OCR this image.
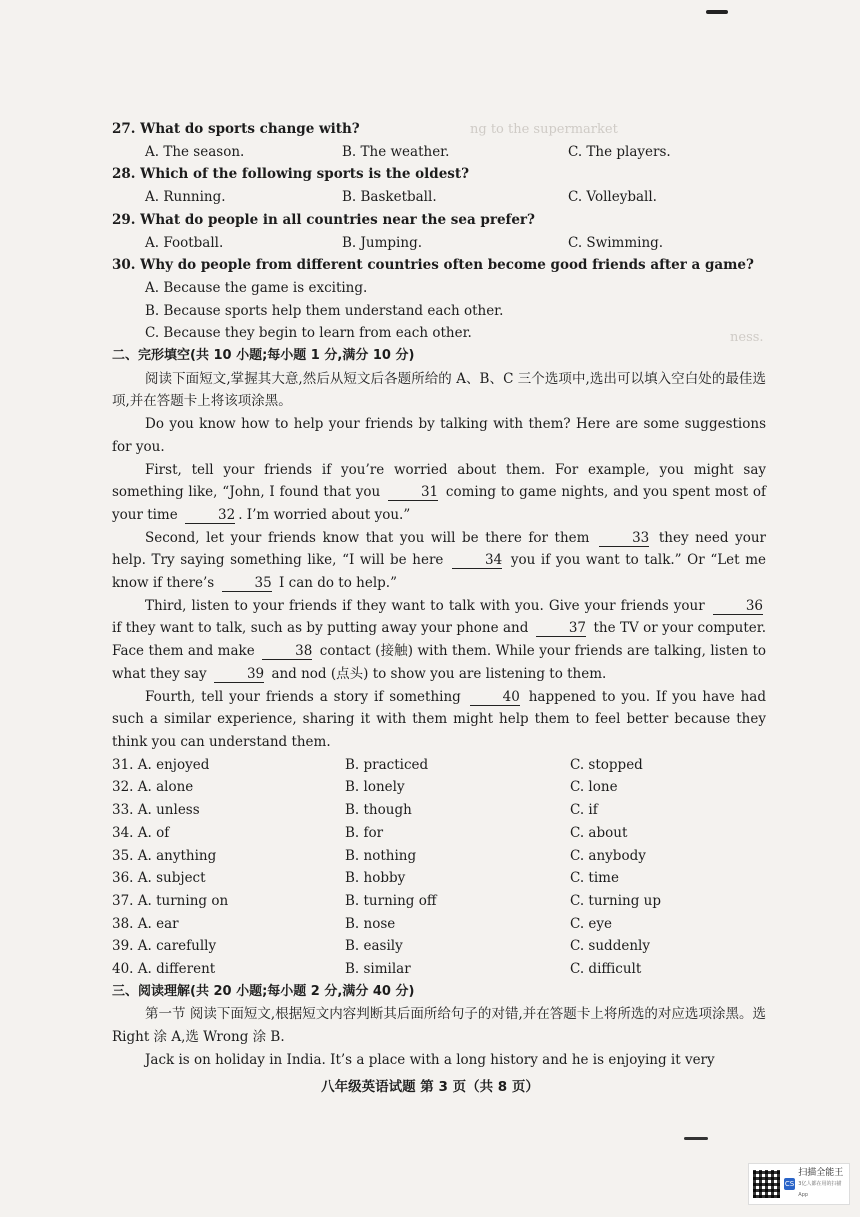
ng to the supermarket
ness.
27. What do sports change with?
A. The season.	B. The weather.	C. The players.
28. Which of the following sports is the oldest?
A. Running.	B. Basketball.	C. Volleyball.
29. What do people in all countries near the sea prefer?
A. Football.	B. Jumping.	C. Swimming.
30. Why do people from different countries often become good friends after a game?
A. Because the game is exciting.
B. Because sports help them understand each other.
C. Because they begin to learn from each other.
二、完形填空(共 10 小题;每小题 1 分,满分 10 分)
阅读下面短文,掌握其大意,然后从短文后各题所给的 A、B、C 三个选项中,选出可以填入空白处的最佳选项,并在答题卡上将该项涂黑。
Do you know how to help your friends by talking with them? Here are some suggestions for you.
First, tell your friends if you’re worried about them. For example, you might say something like, “John, I found that you	31 coming to game nights, and you spent most of your time	32 . I’m worried about you.”
Second, let your friends know that you will be there for them	33 they need your help. Try saying something like, “I will be here	34 you if you want to talk.” Or “Let me know if there’s	35 I can do to help.”
Third, listen to your friends if they want to talk with you. Give your friends your	36 if they want to talk, such as by putting away your phone and	37 the TV or your computer. Face them and make	38 contact (接触) with them. While your friends are talking, listen to what they say	39 and nod (点头) to show you are listening to them.
Fourth, tell your friends a story if something	40 happened to you. If you have had such a similar experience, sharing it with them might help them to feel better because they think you can understand them.
31. A. enjoyed	B. practiced	C. stopped
32. A. alone	B. lonely	C. lone
33. A. unless	B. though	C. if
34. A. of	B. for	C. about
35. A. anything	B. nothing	C. anybody
36. A. subject	B. hobby	C. time
37. A. turning on	B. turning off	C. turning up
38. A. ear	B. nose	C. eye
39. A. carefully	B. easily	C. suddenly
40. A. different	B. similar	C. difficult
三、阅读理解(共 20 小题;每小题 2 分,满分 40 分)
第一节 阅读下面短文,根据短文内容判断其后面所给句子的对错,并在答题卡上将所选的对应选项涂黑。选 Right 涂 A,选 Wrong 涂 B.
Jack is on holiday in India. It’s a place with a long history and he is enjoying it very
八年级英语试题 第 3 页（共 8 页）
CS
扫描全能王
3亿人都在用的扫描App
